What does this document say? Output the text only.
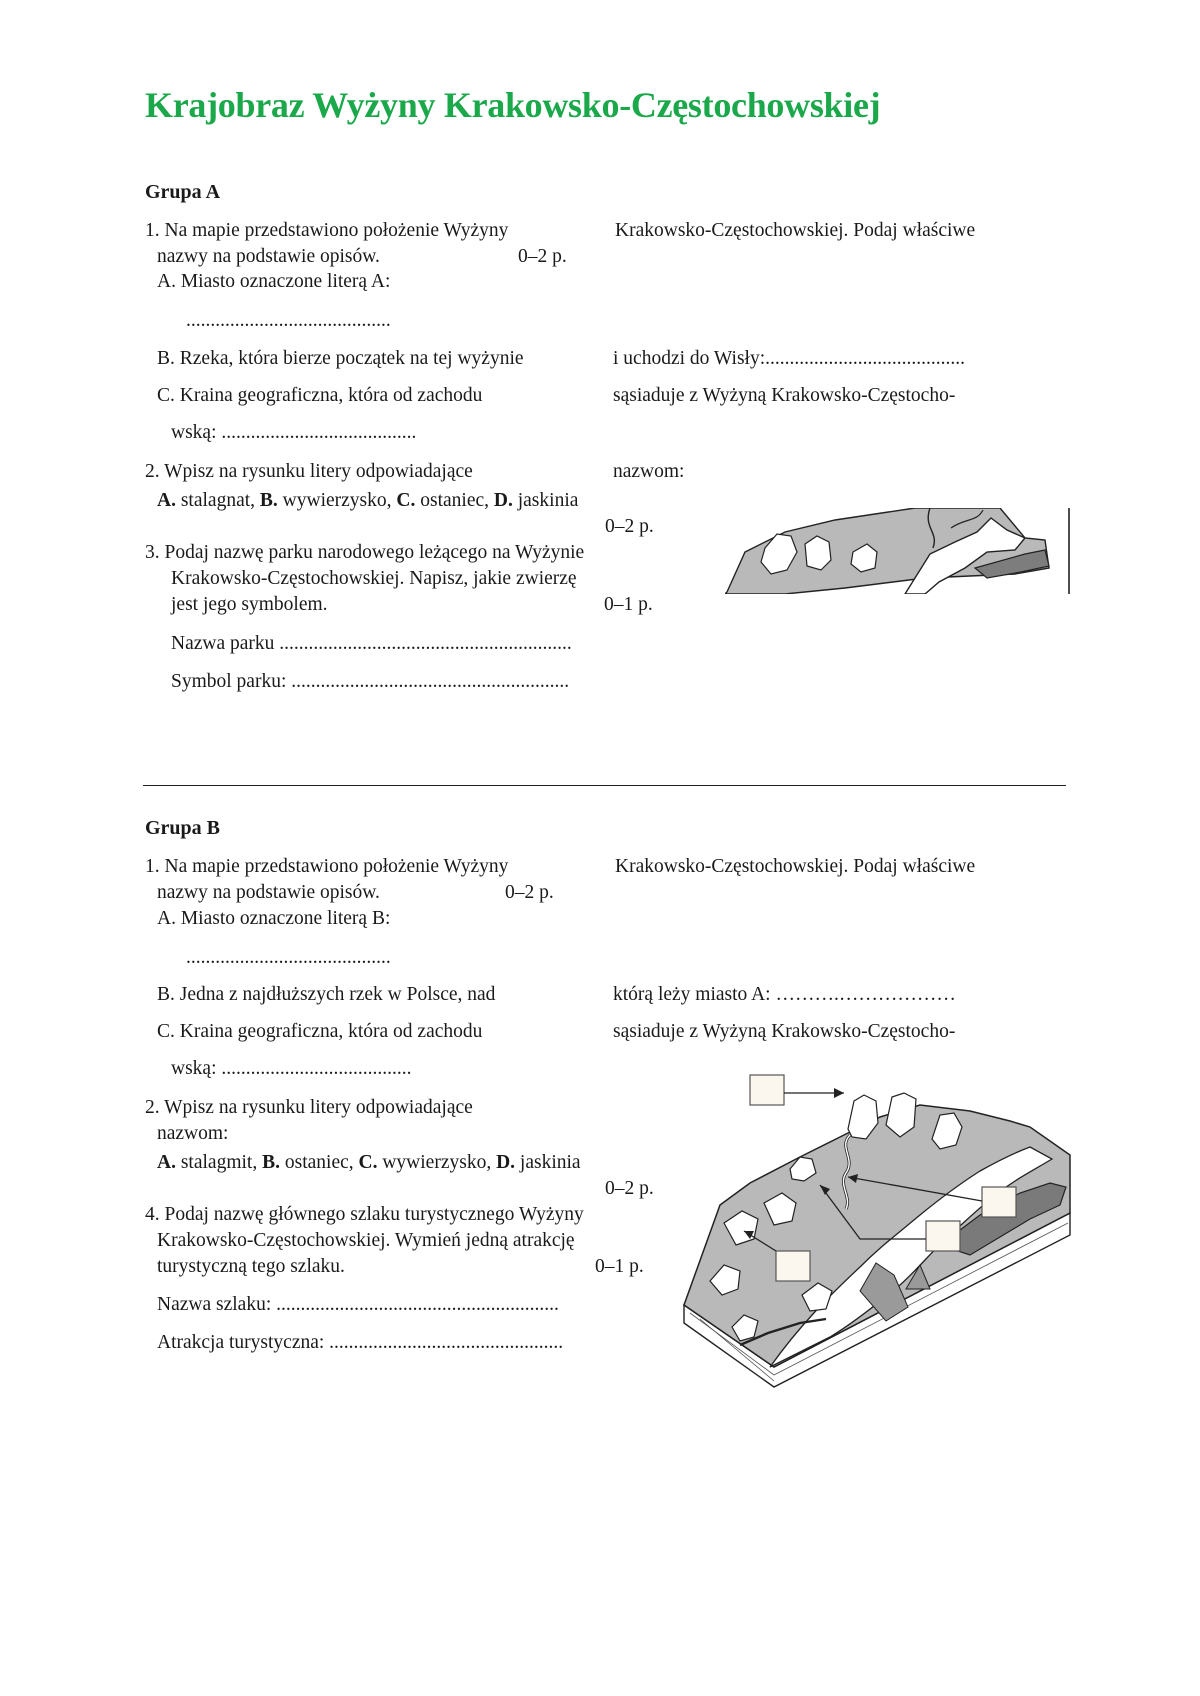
Krajobraz Wyżyny Krakowsko-Częstochowskiej
Grupa A
1. Na mapie przedstawiono położenie Wyżyny	Krakowsko-Częstochowskiej. Podaj właściwe
nazwy na podstawie opisów.	0–2 p.
A. Miasto oznaczone literą A:
..........................................
B. Rzeka, która bierze początek na tej wyżynie	i uchodzi do Wisły:.........................................
C. Kraina geograficzna, która od zachodu	sąsiaduje z Wyżyną Krakowsko-Częstocho-
wską: ........................................
2. Wpisz na rysunku litery odpowiadające	nazwom:
A. stalagnat, B. wywierzysko, C. ostaniec, D. jaskinia
0–2 p.
3. Podaj nazwę parku narodowego leżącego na Wyżynie
Krakowsko-Częstochowskiej. Napisz, jakie zwierzę
jest jego symbolem.	0–1 p.
Nazwa parku ............................................................
Symbol parku: .........................................................
Grupa B
1. Na mapie przedstawiono położenie Wyżyny	Krakowsko-Częstochowskiej. Podaj właściwe
nazwy na podstawie opisów.	0–2 p.
A. Miasto oznaczone literą B:
..........................................
B. Jedna z najdłuższych rzek w Polsce, nad	którą leży miasto A: ……….………………
C. Kraina geograficzna, która od zachodu	sąsiaduje z Wyżyną Krakowsko-Częstocho-
wską: .......................................
2. Wpisz na rysunku litery odpowiadające
nazwom:
A. stalagmit, B. ostaniec, C. wywierzysko, D. jaskinia
0–2 p.
4. Podaj nazwę głównego szlaku turystycznego Wyżyny
Krakowsko-Częstochowskiej. Wymień jedną atrakcję
turystyczną tego szlaku.	0–1 p.
Nazwa szlaku: ..........................................................
Atrakcja turystyczna: ................................................
